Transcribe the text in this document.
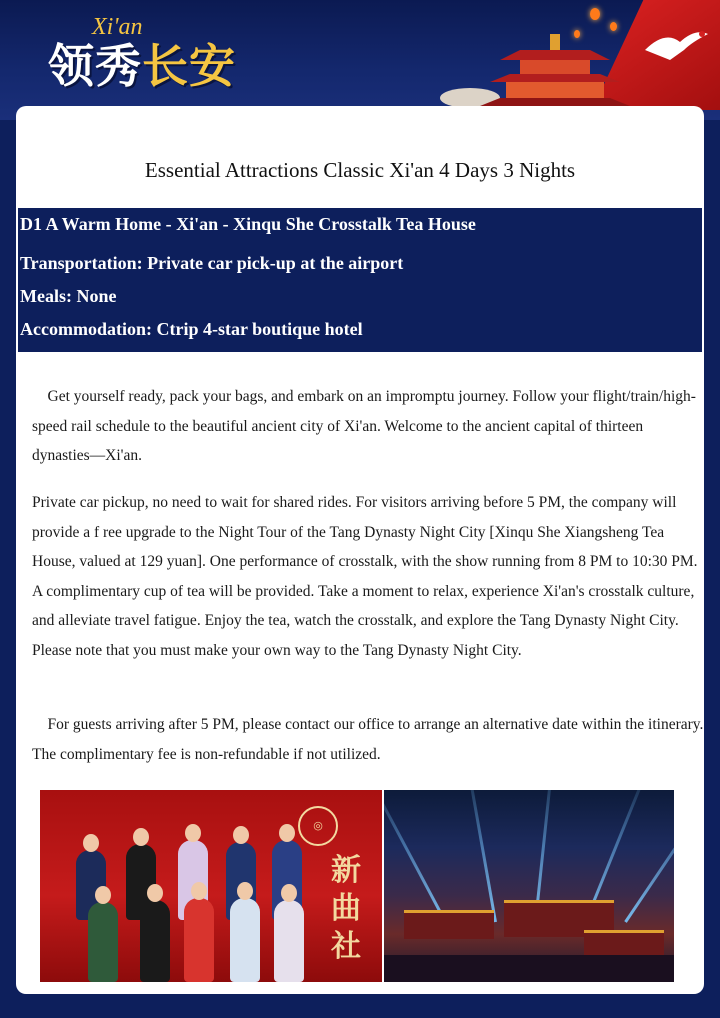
Xi'an
领秀长安
Essential Attractions Classic Xi'an 4 Days 3 Nights
D1 A Warm Home - Xi'an - Xinqu She Crosstalk Tea House
Transportation: Private car pick-up at the airport
Meals: None
Accommodation: Ctrip 4-star boutique hotel

Get yourself ready, pack your bags, and embark on an impromptu journey. Follow your flight/train/high-speed rail schedule to the beautiful ancient city of Xi'an. Welcome to the ancient capital of thirteen dynasties—Xi'an.

Private car pickup, no need to wait for shared rides. For visitors arriving before 5 PM, the company will provide a f ree upgrade to the Night Tour of the Tang Dynasty Night City [Xinqu She Xiangsheng Tea House, valued at 129 yuan]. One performance of crosstalk, with the show running from 8 PM to 10:30 PM. A complimentary cup of tea will be provided. Take a moment to relax, experience Xi'an's crosstalk culture, and alleviate travel fatigue. Enjoy the tea, watch the crosstalk, and explore the Tang Dynasty Night City. Please note that you must make your own way to the Tang Dynasty Night City.

For guests arriving after 5 PM, please contact our office to arrange an alternative date within the itinerary. The complimentary fee is non-refundable if not utilized.

◎
新曲社
